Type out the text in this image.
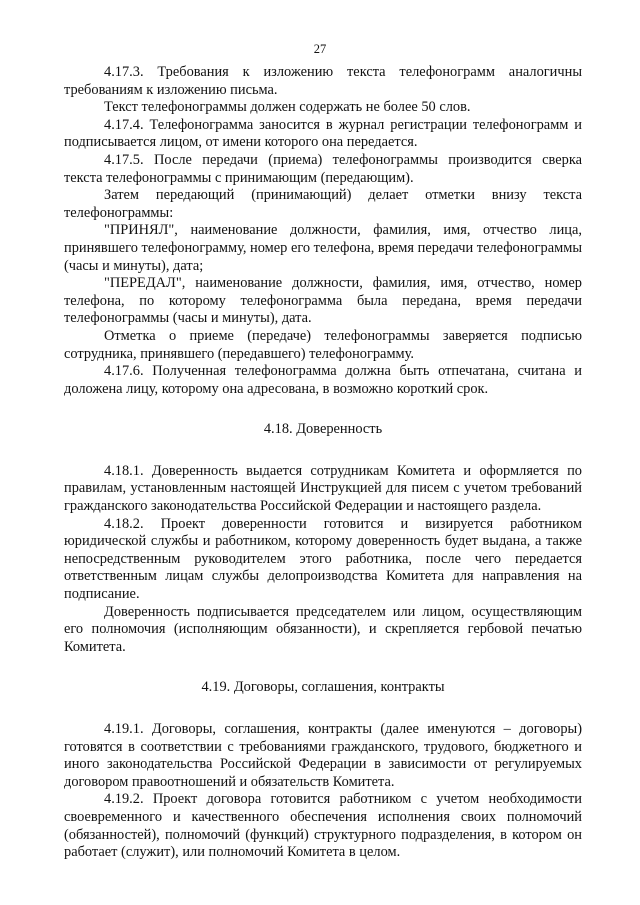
27

4.17.3. Требования к изложению текста телефонограмм аналогичны требованиям к изложению письма.

Текст телефонограммы должен содержать не более 50 слов.

4.17.4. Телефонограмма заносится в журнал регистрации телефонограмм и подписывается лицом, от имени которого она передается.

4.17.5. После передачи (приема) телефонограммы производится сверка текста телефонограммы с принимающим (передающим).

Затем передающий (принимающий) делает отметки внизу текста телефонограммы:

"ПРИНЯЛ", наименование должности, фамилия, имя, отчество лица, принявшего телефонограмму, номер его телефона, время передачи телефонограммы (часы и минуты), дата;

"ПЕРЕДАЛ", наименование должности, фамилия, имя, отчество, номер телефона, по которому телефонограмма была передана, время передачи телефонограммы (часы и минуты), дата.

Отметка о приеме (передаче) телефонограммы заверяется подписью сотрудника, принявшего (передавшего) телефонограмму.

4.17.6. Полученная телефонограмма должна быть отпечатана, считана и доложена лицу, которому она адресована, в возможно короткий срок.

4.18. Доверенность

4.18.1. Доверенность выдается сотрудникам Комитета и оформляется по правилам, установленным настоящей Инструкцией для писем с учетом требований гражданского законодательства Российской Федерации и настоящего раздела.

4.18.2. Проект доверенности готовится и визируется работником юридической службы и работником, которому доверенность будет выдана, а также непосредственным руководителем этого работника, после чего передается ответственным лицам службы делопроизводства Комитета для направления на подписание.

Доверенность подписывается председателем или лицом, осуществляющим его полномочия (исполняющим обязанности), и скрепляется гербовой печатью Комитета.

4.19. Договоры, соглашения, контракты

4.19.1. Договоры, соглашения, контракты (далее именуются – договоры) готовятся в соответствии с требованиями гражданского, трудового, бюджетного и иного законодательства Российской Федерации в зависимости от регулируемых договором правоотношений и обязательств Комитета.

4.19.2. Проект договора готовится работником с учетом необходимости своевременного и качественного обеспечения исполнения своих полномочий (обязанностей), полномочий (функций) структурного подразделения, в котором он работает (служит), или полномочий Комитета в целом.
